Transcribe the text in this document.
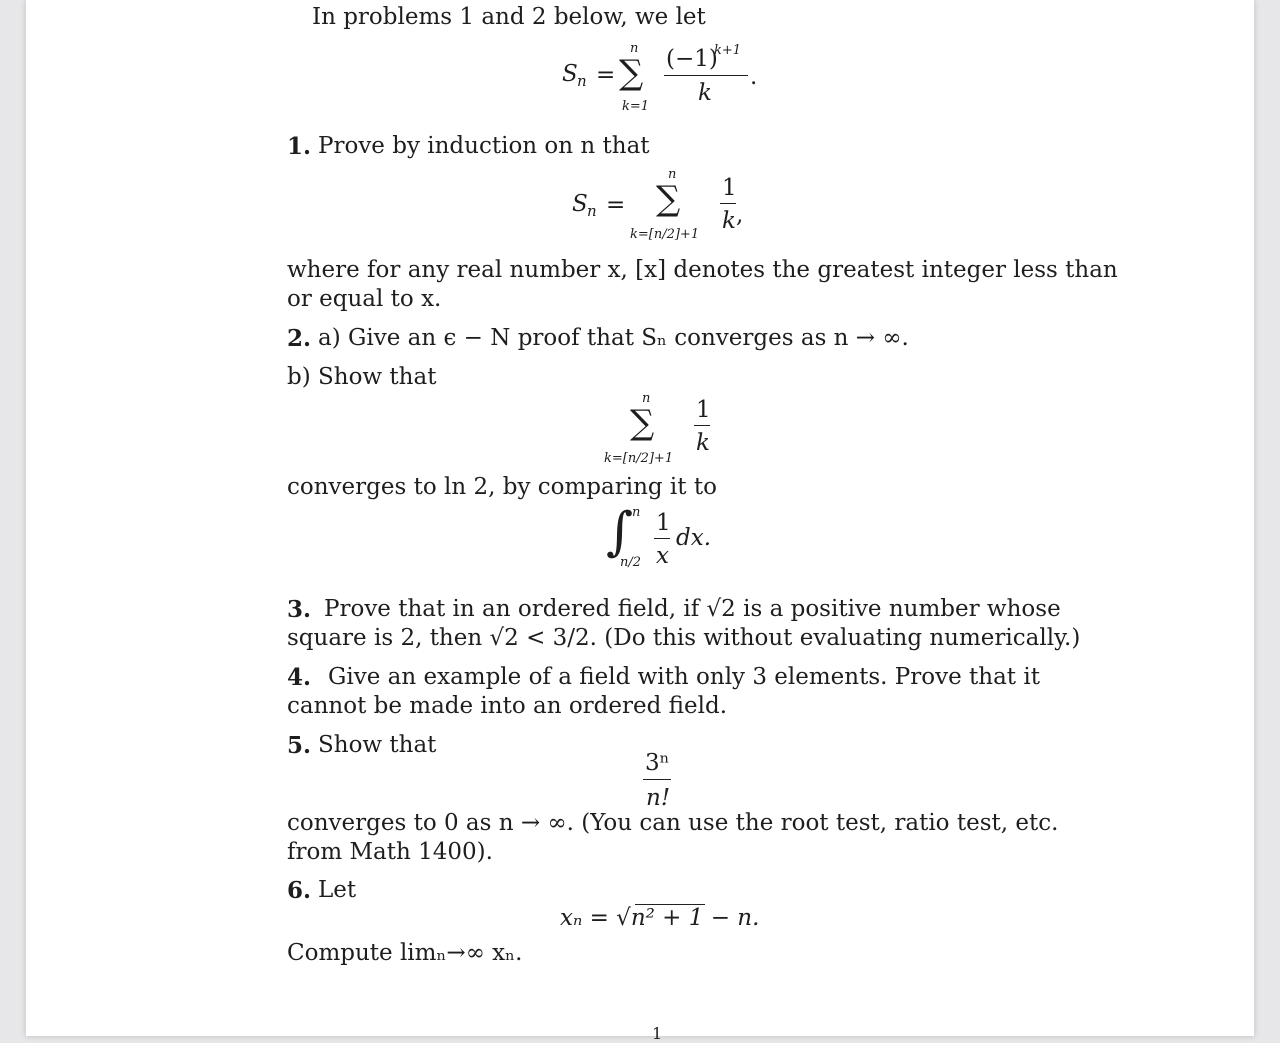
In problems 1 and 2 below, we let
S n =
n
∑
k=1
(−1)
k+1
k
.
1. Prove by induction on n that
S n =
n
∑
k=[n/2]+1
1
k ,
where for any real number x, [x] denotes the greatest integer less than
or equal to x.
2. a) Give an ϵ − N proof that Sₙ converges as n → ∞.
b) Show that
n
∑
k=[n/2]+1
1
k
converges to ln 2, by comparing it to
∫
n
n/2
1
x
dx.
3. Prove that in an ordered field, if √2 is a positive number whose
square is 2, then √2 < 3/2. (Do this without evaluating numerically.)
4. Give an example of a field with only 3 elements. Prove that it
cannot be made into an ordered field.
5. Show that
3ⁿ
n!
converges to 0 as n → ∞. (You can use the root test, ratio test, etc.
from Math 1400).
6. Let
xₙ = √n² + 1 − n.
Compute limₙ→∞ xₙ.
1
